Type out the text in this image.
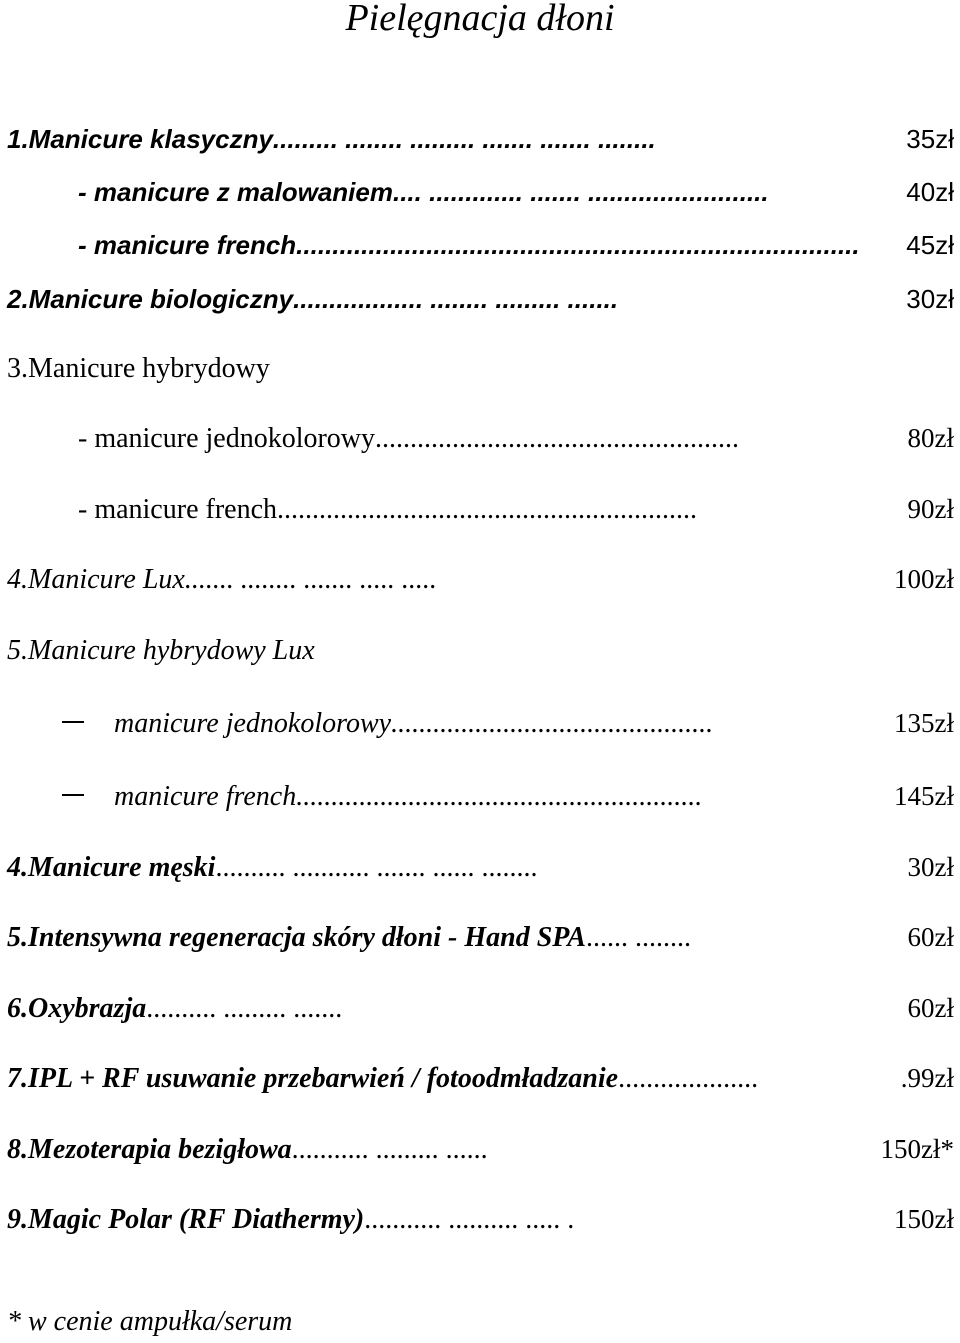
Pielęgnacja dłoni
1.Manicure klasyczny ......... ........ ......... ....... ....... ........	35zł
- manicure z malowaniem .... ............. ....... .........................	40zł
- manicure french ..............................................................................	45zł
2.Manicure biologiczny .................. ........ ......... .......	30zł
3.Manicure hybrydowy
- manicure jednokolorowy ....................................................	80zł
- manicure french ............................................................	90zł
4.Manicure Lux ....... ........ ....... ..... .....	100zł
5.Manicure hybrydowy Lux
manicure jednokolorowy ..............................................	135zł
manicure french ..........................................................	145zł
4.Manicure męski .......... ........... ....... ...... ........	30zł
5.Intensywna regeneracja skóry dłoni - Hand SPA ...... ........	60zł
6.Oxybrazja .......... ......... .......	60zł
7.IPL + RF usuwanie przebarwień / fotoodmładzanie ....................	.99zł
8.Mezoterapia bezigłowa ........... ......... ......	150zł*
9.Magic Polar (RF Diathermy) ........... .......... ..... .	150zł
* w cenie ampułka/serum
